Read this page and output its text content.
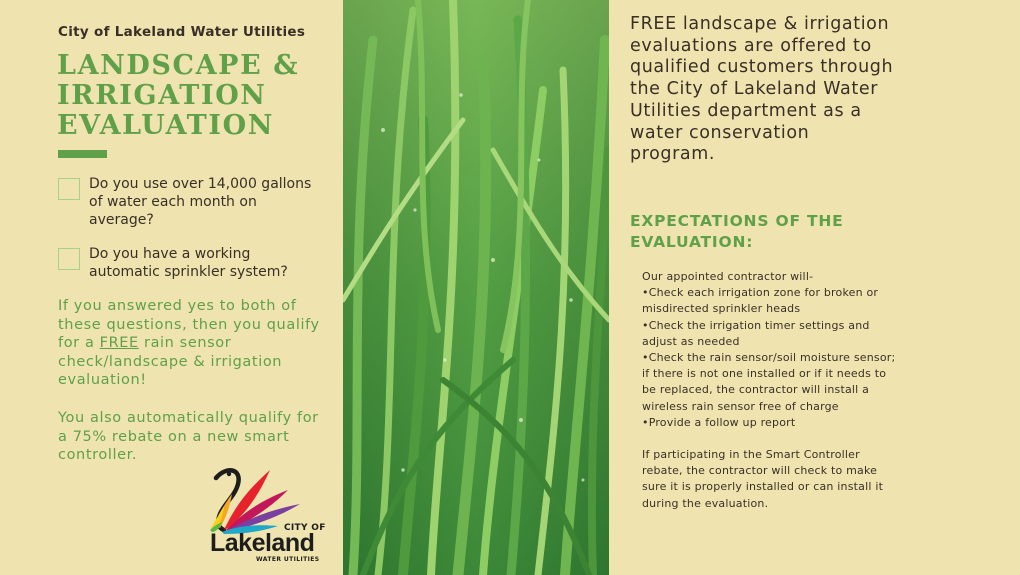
City of Lakeland Water Utilities
LANDSCAPE &
IRRIGATION
EVALUATION
Do you use over 14,000 gallons of water each month on average?
Do you have a working automatic sprinkler system?
If you answered yes to both of these questions, then you qualify for a FREE rain sensor check/landscape & irrigation evaluation!
You also automatically qualify for a 75% rebate on a new smart controller.
CITY OF
Lakeland
WATER UTILITIES
FREE landscape & irrigation evaluations are offered to qualified customers through the City of Lakeland Water Utilities department as a water conservation program.
EXPECTATIONS OF THE EVALUATION:
Our appointed contractor will-
•Check each irrigation zone for broken or misdirected sprinkler heads
•Check the irrigation timer settings and adjust as needed
•Check the rain sensor/soil moisture sensor; if there is not one installed or if it needs to be replaced, the contractor will install a wireless rain sensor free of charge
•Provide a follow up report
If participating in the Smart Controller rebate, the contractor will check to make sure it is properly installed or can install it during the evaluation.
